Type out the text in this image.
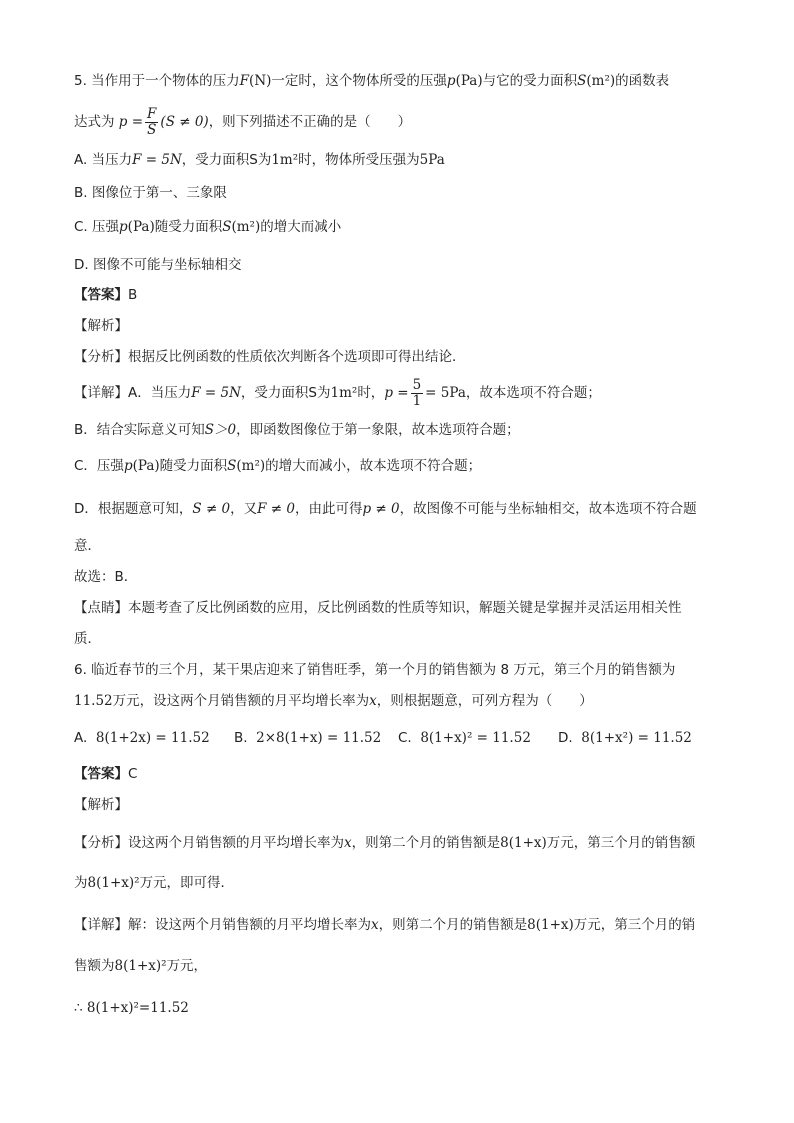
5. 当作用于一个物体的压力F(N)一定时，这个物体所受的压强p(Pa)与它的受力面积S(m²)的函数表
达式为 $p = \frac{F}{S} (S \ne 0)$，则下列描述不正确的是（　　）
A. 当压力F = 5N，受力面积S为1m²时，物体所受压强为5Pa
B. 图像位于第一、三象限
C. 压强p(Pa)随受力面积S(m²)的增大而减小
D. 图像不可能与坐标轴相交
【答案】B
【解析】
【分析】根据反比例函数的性质依次判断各个选项即可得出结论．
【详解】A．当压力F = 5N，受力面积S为1m²时，$p = \frac{5}{1} = 5Pa$，故本选项不符合题；
B．结合实际意义可知S＞0，即函数图像位于第一象限，故本选项符合题；
C．压强p(Pa)随受力面积S(m²)的增大而减小，故本选项不符合题；
D．根据题意可知，S ≠ 0，又F ≠ 0，由此可得p ≠ 0，故图像不可能与坐标轴相交，故本选项不符合题
意．
故选：B．
【点睛】本题考查了反比例函数的应用，反比例函数的性质等知识，解题关键是掌握并灵活运用相关性
质．
6. 临近春节的三个月，某干果店迎来了销售旺季，第一个月的销售额为 8 万元，第三个月的销售额为
11.52万元，设这两个月销售额的月平均增长率为x，则根据题意，可列方程为（　　）
A. 8(1+2x) = 11.52 B. 2×8(1+x) = 11.52 C. 8(1+x)² = 11.52 D. 8(1+x²) = 11.52
【答案】C
【解析】
【分析】设这两个月销售额的月平均增长率为x，则第二个月的销售额是8(1+x)万元，第三个月的销售额
为8(1+x)²万元，即可得．
【详解】解：设这两个月销售额的月平均增长率为x，则第二个月的销售额是8(1+x)万元，第三个月的销
售额为8(1+x)²万元，
∴ 8(1+x)²=11.52
